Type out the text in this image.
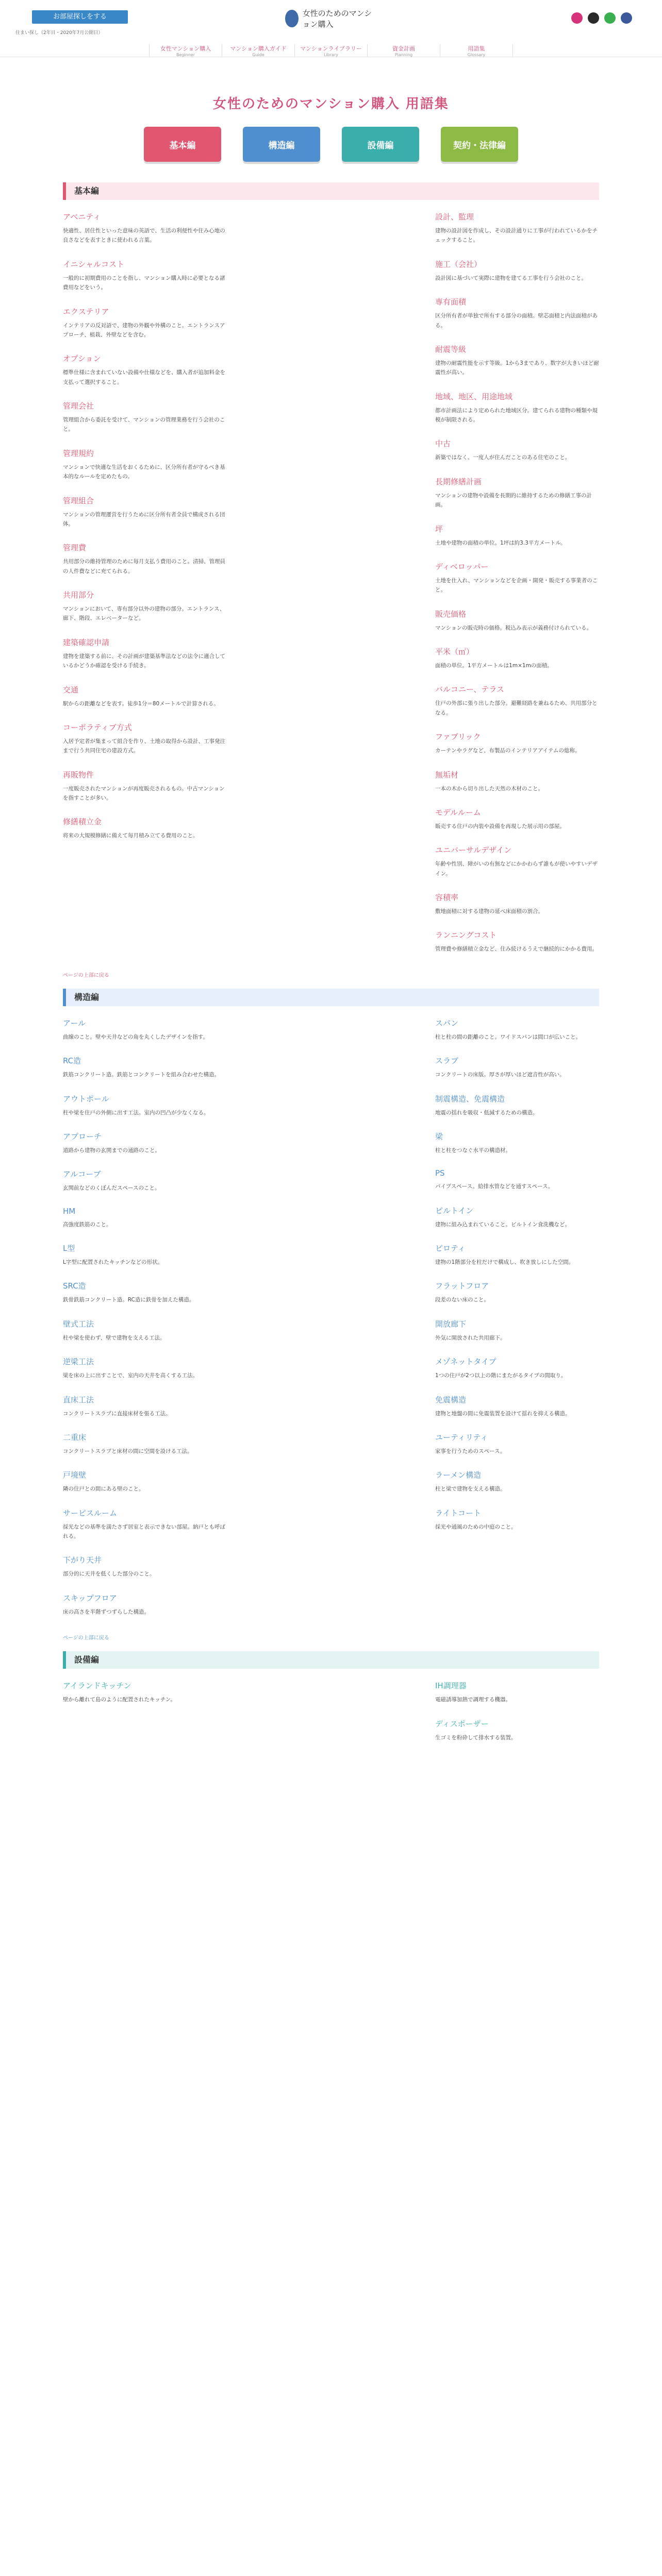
お部屋探しをする
住まい探し（2年目・2020年7月公開日）
女性のためのマンション購入
女性マンション購入
Beginner
マンション購入ガイド
Guide
マンションライブラリー
Library
資金計画
Planning
用語集
Glossary
女性のためのマンション購入 用語集
基本編	構造編	設備編	契約・法律編
基本編
アベニティ

快適性、居住性といった意味の英語で、生活の利便性や住み心地の良さなどを表すときに使われる言葉。

イニシャルコスト

一般的に初期費用のことを指し、マンション購入時に必要となる諸費用などをいう。

エクステリア

インテリアの反対語で、建物の外観や外構のこと。エントランスアプローチ、植栽、外壁などを含む。

オプション

標準仕様に含まれていない設備や仕様などを、購入者が追加料金を支払って選択すること。

管理会社

管理組合から委託を受けて、マンションの管理業務を行う会社のこと。

管理規約

マンションで快適な生活をおくるために、区分所有者が守るべき基本的なルールを定めたもの。

管理組合

マンションの管理運営を行うために区分所有者全員で構成される団体。

管理費

共用部分の維持管理のために毎月支払う費用のこと。清掃、管理員の人件費などに充てられる。

共用部分

マンションにおいて、専有部分以外の建物の部分。エントランス、廊下、階段、エレベーターなど。

建築確認申請

建物を建築する前に、その計画が建築基準法などの法令に適合しているかどうか確認を受ける手続き。

交通

駅からの距離などを表す。徒歩1分＝80メートルで計算される。

コーポラティブ方式

入居予定者が集まって組合を作り、土地の取得から設計、工事発注まで行う共同住宅の建設方式。

再販物件

一度販売されたマンションが再度販売されるもの。中古マンションを指すことが多い。

修繕積立金

将来の大規模修繕に備えて毎月積み立てる費用のこと。

設計、監理

建物の設計図を作成し、その設計通りに工事が行われているかをチェックすること。

施工（会社）

設計図に基づいて実際に建物を建てる工事を行う会社のこと。

専有面積

区分所有者が単独で所有する部分の面積。壁芯面積と内法面積がある。

耐震等級

建物の耐震性能を示す等級。1から3まであり、数字が大きいほど耐震性が高い。

地域、地区、用途地域

都市計画法により定められた地域区分。建てられる建物の種類や規模が制限される。

中古

新築ではなく、一度人が住んだことのある住宅のこと。

長期修繕計画

マンションの建物や設備を長期的に維持するための修繕工事の計画。

坪

土地や建物の面積の単位。1坪は約3.3平方メートル。

ディベロッパー

土地を仕入れ、マンションなどを企画・開発・販売する事業者のこと。

販売価格

マンションの販売時の価格。税込み表示が義務付けられている。

平米（㎡）

面積の単位。1平方メートルは1m×1mの面積。

バルコニー、テラス

住戸の外部に張り出した部分。避難経路を兼ねるため、共用部分となる。

ファブリック

カーテンやラグなど、布製品のインテリアアイテムの総称。

無垢材

一本の木から切り出した天然の木材のこと。

モデルルーム

販売する住戸の内装や設備を再現した展示用の部屋。

ユニバーサルデザイン

年齢や性別、障がいの有無などにかかわらず誰もが使いやすいデザイン。

容積率

敷地面積に対する建物の延べ床面積の割合。

ランニングコスト

管理費や修繕積立金など、住み続けるうえで継続的にかかる費用。

ページの上部に戻る
構造編
アール

曲線のこと。壁や天井などの角を丸くしたデザインを指す。

RC造

鉄筋コンクリート造。鉄筋とコンクリートを組み合わせた構造。

アウトポール

柱や梁を住戸の外側に出す工法。室内の凹凸が少なくなる。

アプローチ

道路から建物の玄関までの通路のこと。

アルコーブ

玄関前などのくぼんだスペースのこと。

HM

高強度鉄筋のこと。

L型

L字型に配置されたキッチンなどの形状。

SRC造

鉄骨鉄筋コンクリート造。RC造に鉄骨を加えた構造。

壁式工法

柱や梁を使わず、壁で建物を支える工法。

逆梁工法

梁を床の上に出すことで、室内の天井を高くする工法。

直床工法

コンクリートスラブに直接床材を張る工法。

二重床

コンクリートスラブと床材の間に空間を設ける工法。

戸境壁

隣の住戸との間にある壁のこと。

サービスルーム

採光などの基準を満たさず居室と表示できない部屋。納戸とも呼ばれる。

下がり天井

部分的に天井を低くした部分のこと。

スキップフロア

床の高さを半階ずつずらした構造。

スパン

柱と柱の間の距離のこと。ワイドスパンは間口が広いこと。

スラブ

コンクリートの床版。厚さが厚いほど遮音性が高い。

制震構造、免震構造

地震の揺れを吸収・低減するための構造。

梁

柱と柱をつなぐ水平の構造材。

PS

パイプスペース。給排水管などを通すスペース。

ピルトイン

建物に組み込まれていること。ビルトイン食洗機など。

ピロティ

建物の1階部分を柱だけで構成し、吹き放しにした空間。

フラットフロア

段差のない床のこと。

開放廊下

外気に開放された共用廊下。

メゾネットタイプ

1つの住戸が2つ以上の階にまたがるタイプの間取り。

免震構造

建物と地盤の間に免震装置を設けて揺れを抑える構造。

ユーティリティ

家事を行うためのスペース。

ラーメン構造

柱と梁で建物を支える構造。

ライトコート

採光や通風のための中庭のこと。

ページの上部に戻る
設備編
アイランドキッチン

壁から離れて島のように配置されたキッチン。

IH調理器

電磁誘導加熱で調理する機器。

ディスポーザー

生ゴミを粉砕して排水する装置。
